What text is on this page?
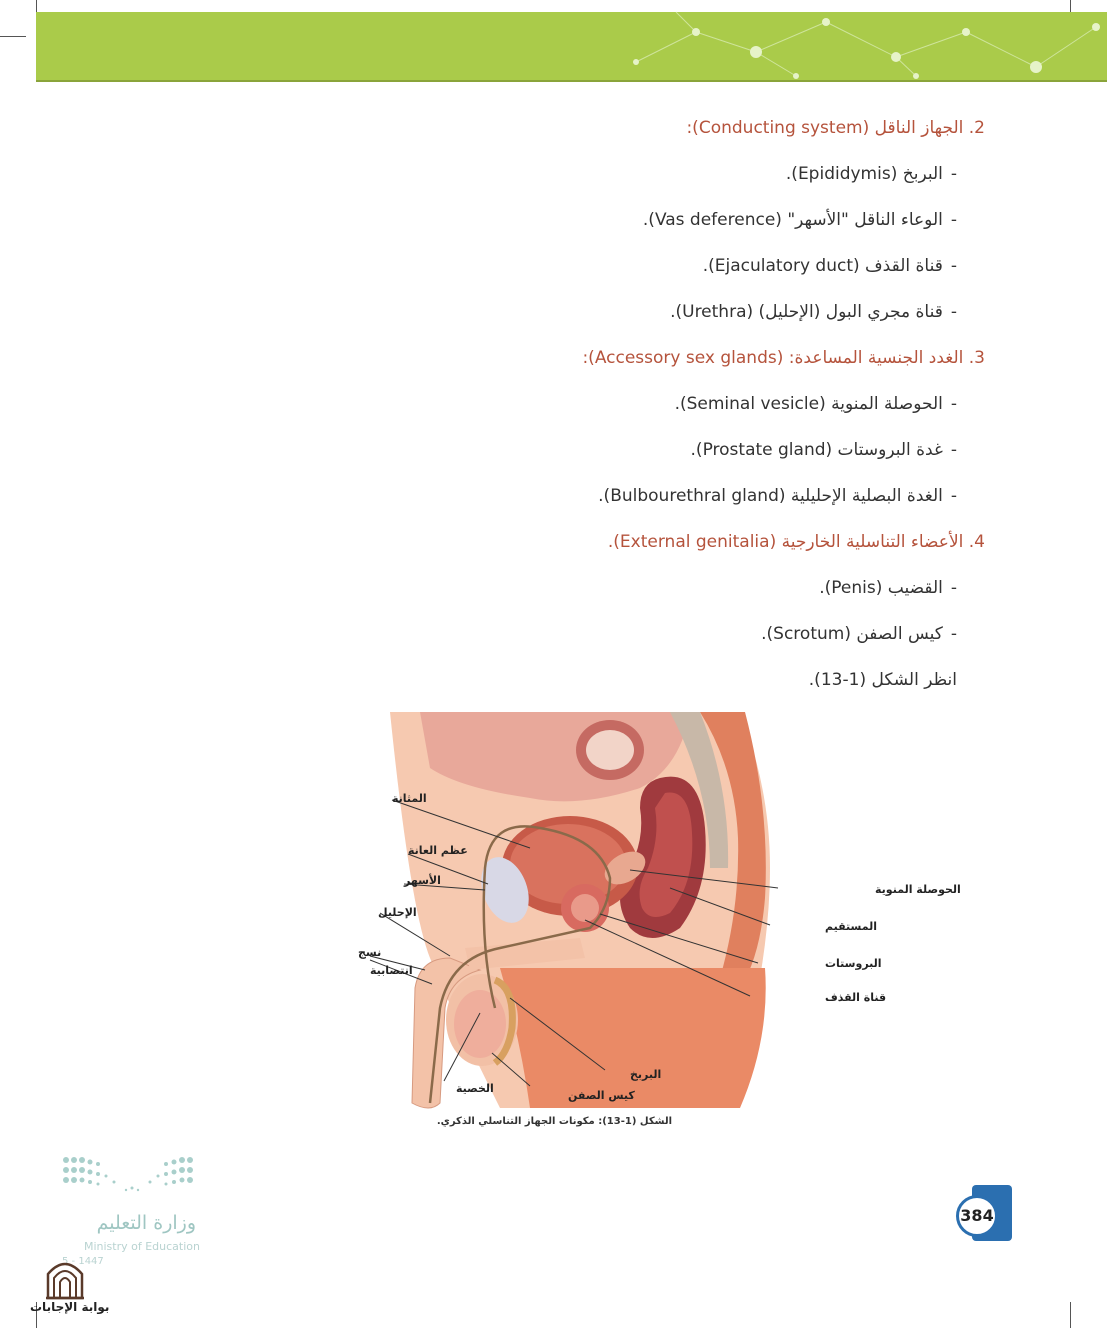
2. الجهاز الناقل (Conducting system):
-البربخ (Epididymis).
-الوعاء الناقل "الأسهر" (Vas deference).
-قناة القذف (Ejaculatory duct).
-قناة مجري البول (الإحليل) (Urethra).
3. الغدد الجنسية المساعدة: (Accessory sex glands):
-الحوصلة المنوية (Seminal vesicle).
-غدة البروستات (Prostate gland).
-الغدة البصلية الإحليلية (Bulbourethral gland).
4. الأعضاء التناسلية الخارجية (External genitalia).
-القضيب (Penis).
-كيس الصفن (Scrotum).
انظر الشكل (1-13).
المثانة
عظم العانة
الأسهر
الإحليل
نسج
انتصابية
الحوصلة المنوية
المستقيم
البروستات
قناة القذف
البربخ
كيس الصفن
الخصية
الشكل (1-13): مكونات الجهاز التناسلي الذكري.
وزارة التعليم
Ministry of Education
5 - 1447
384
بوابة الإجابات
